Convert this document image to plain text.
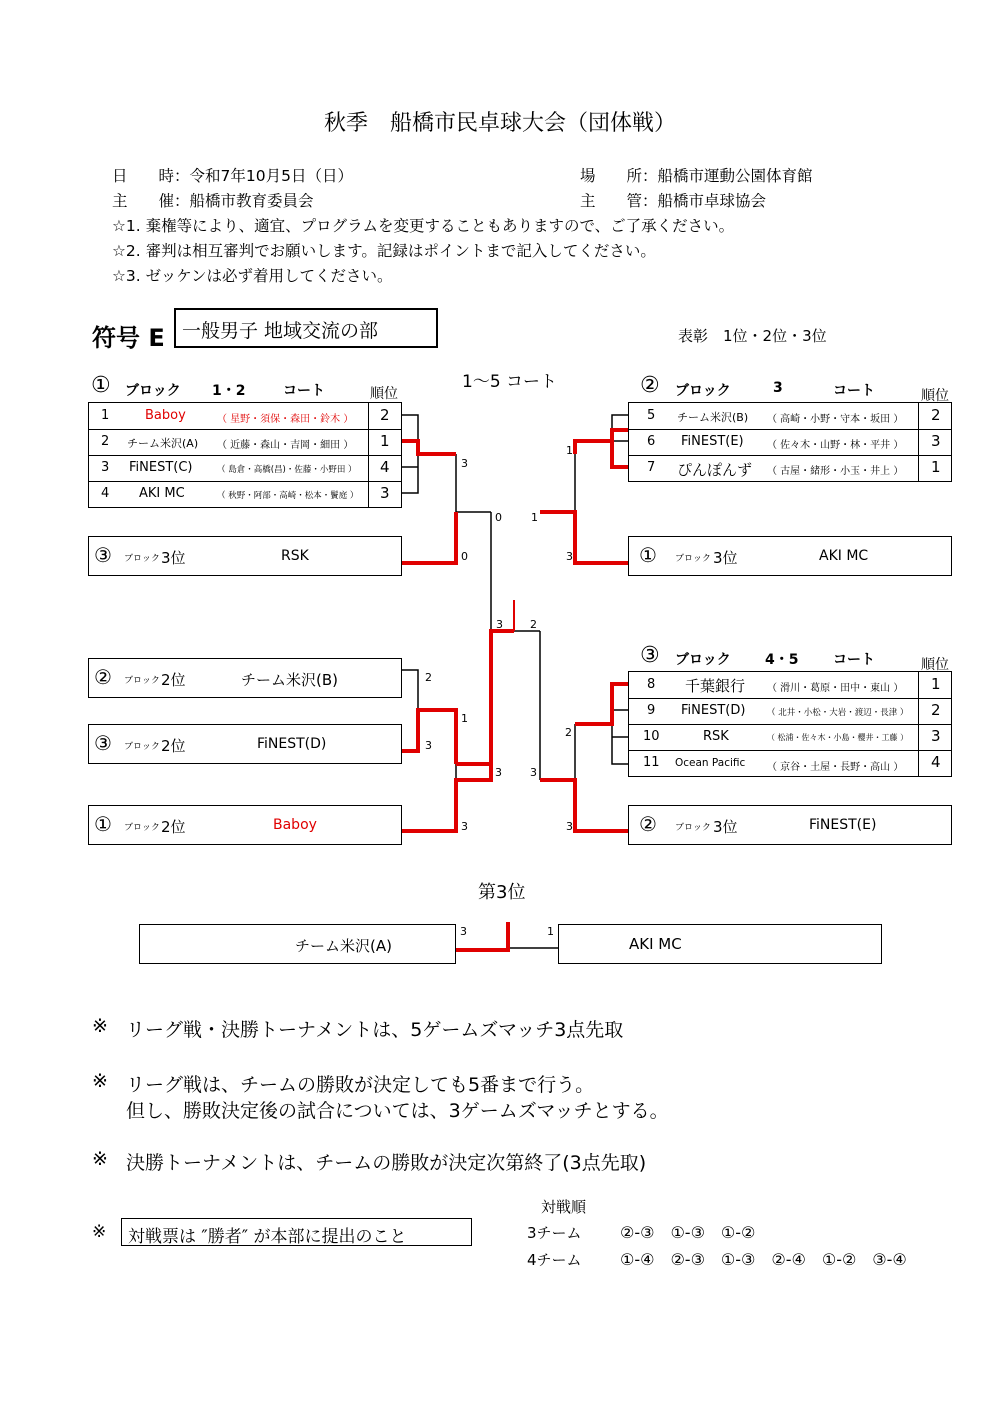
秋季　船橋市民卓球大会（団体戦）
日　　時：令和7年10月5日（日）	場　　所：船橋市運動公園体育館
主　　催：船橋市教育委員会	主　　管：船橋市卓球協会
☆1. 棄権等により、適宜、プログラムを変更することもありますので、ご了承ください。
☆2. 審判は相互審判でお願いします。記録はポイントまで記入してください。
☆3. ゼッケンは必ず着用してください。
符号 E 一般男子 地域交流の部	表彰　1位・2位・3位
1～5 コート
① ブロック 1・2	コート	順位
1	Baboy	（ 星野・須保・森田・鈴木 ） 2
2 チーム米沢(A) （ 近藤・森山・吉岡・細田 ） 1
3 FiNEST(C)	（ 島倉・高橋(昌)・佐藤・小野田 ） 4
4 AKI MC	（ 秋野・阿部・高崎・松本・鬢庭 ） 3
② ブロック	3	コート	順位
5 チーム米沢(B) （ 高崎・小野・守本・坂田 ） 2
6 FiNEST(E) （ 佐々木・山野・林・平井 ） 3
7 ぴんぽんず （ 古屋・緒形・小玉・井上 ） 1
③ ブロック 4・5 コート	順位
8 千葉銀行 （ 滑川・葛原・田中・東山 ） 1
9 FiNEST(D)	（ 北井・小松・大岩・渡辺・長津 ） 2
10	RSK	（ 松浦・佐々木・小島・櫻井・工藤 ） 3
11 Ocean Pacific （ 京谷・土屋・長野・高山 ） 4
③ ブロック 3位	RSK
② ブロック 2位	チーム米沢(B)
③ ブロック 2位	FiNEST(D)
① ブロック 2位	Baboy
① ブロック 3位	AKI MC
② ブロック 3位	FiNEST(E)
3
0
0
1
1
3
3 2
2
3
1
3
3
2
3
3
第3位
チーム米沢(A)	AKI MC
3	1
※ リーグ戦・決勝トーナメントは、5ゲームズマッチ3点先取
※ リーグ戦は、チームの勝敗が決定しても5番まで行う。
但し、勝敗決定後の試合については、3ゲームズマッチとする。
※ 決勝トーナメントは、チームの勝敗が決定次第終了(3点先取)
※ 対戦票は ″勝者″ が本部に提出のこと
対戦順
3チーム ②-③　①-③　①-②
4チーム ①-④　②-③　①-③　②-④　①-②　③-④
